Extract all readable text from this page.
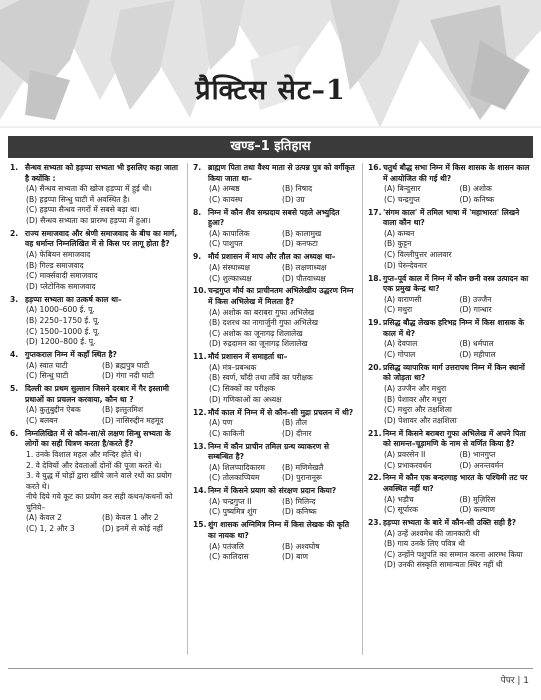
प्रैक्टिस सेट–1
खण्ड–1 इतिहास
1. सैन्धव सभ्यता को हड़प्पा सभ्यता भी इसलिए कहा जाता है क्योंकि :
(A) सैन्धव सभ्यता की खोज हड़प्पा में हुई थी।
(B) हड़प्पा सिन्धु घाटी में अवस्थित है।
(C) हड़प्पा सैन्धव नगरों में सबसे बड़ा था।
(D) सैन्धव सभ्यता का प्रारम्भ हड़प्पा में हुआ।
2. राज्य समाजवाद और श्रेणी समाजवाद के बीच का मार्ग, वह धर्मान्त निम्नलिखित में से किस पर लागू होता है?
(A) फेबियन समाजवाद
(B) गिल्ड समाजवाद
(C) मार्क्सवादी समाजवाद
(D) प्लेटोनिक समाजवाद
3. हड़प्पा सभ्यता का उत्कर्ष काल था–
(A) 1000–600 ई. पू.
(B) 2250–1750 ई. पू.
(C) 1500–1000 ई. पू.
(D) 1200–800 ई. पू.
4. गुप्तकराल निम्न में कहाँ स्थित है?
(A) स्वात घाटी	(B) ब्रह्मपुत्र घाटी
(C) सिन्धु घाटी	(D) गंगा नदी घाटी
5. दिल्ली का प्रथम सुल्तान जिसने दरबार में गैर इस्लामी प्रथाओं का प्रचलन करवाया, कौन था ?
(A) कुतुबुद्दीन ऐबक	(B) इल्तुतमिश
(C) बलबन	(D) नासिरुद्दीन महमूद
6. निम्नलिखित में से कौन-सा/से लक्षण सिन्धु सभ्यता के लोगों का सही चित्रण करता है/करते हैं?
1. उनके विशाल महल और मन्दिर होते थे।
2. वे देवियों और देवताओं दोनों की पूजा करते थे।
3. वे युद्ध में घोड़ों द्वारा खींचे जाने वाले रथों का प्रयोग करते थे।
नीचे दिये गये कूट का प्रयोग कर सही कथन/कथनों को चुनिये–
(A) केवल 2	(B) केवल 1 और 2
(C) 1, 2 और 3	(D) इनमें से कोई नहीं
7. ब्राह्मण पिता तथा वैश्य माता से उत्पन्न पुत्र को वर्गीकृत किया जाता था–
(A) अम्बष्ठ	(B) निषाद
(C) कायस्थ	(D) उग्र
8. निम्न में कौन शैव सम्प्रदाय सबसे पहले अभ्युदित हुआ?
(A) कापालिक	(B) कालामुख
(C) पाशुपत	(D) कनफटा
9. मौर्य प्रशासन में माप और तौल का अध्यक्ष था–
(A) संस्थाध्यक्ष	(B) लक्षणाध्यक्ष
(C) शुल्काध्यक्ष	(D) पौतवाध्यक्ष
10. चन्द्रगुप्त मौर्य का प्राचीनतम अभिलेखीय उद्धरण निम्न में किस अभिलेख में मिलता है?
(A) अशोक का बराबरा गुफा अभिलेख
(B) दशरथ का नागार्जुनी गुफा अभिलेख
(C) अशोक का जूनागढ़ शिलालेख
(D) रुद्रदामन का जूनागढ़ शिलालेख
11. मौर्य प्रशासन में समाहर्ता था–
(A) मंत्र–प्रबन्धक
(B) स्वर्ण, चाँदी तथा ताँबे का परीक्षक
(C) सिक्कों का परीक्षक
(D) गणिकाओं का अध्यक्ष
12. मौर्य काल में निम्न में से कौन–सी मुद्रा प्रचलन में थी?
(A) पण	(B) तौल
(C) काकिनी	(D) दीनार
13. निम्न में कौन प्राचीन तमिल ग्रन्थ व्याकरण से सम्बन्धित है?
(A) शिलप्पादिकारम	(B) मणिमेखलै
(C) तोलकाप्पियम	(D) पुरानानूरू
14. निम्न में किसने प्रयाग को संरक्षण प्रदान किया?
(A) चन्द्रगुप्त II	(B) मिलिन्द
(C) पुष्यमित्र शुंग	(D) कनिष्क
15. शुंग शासक अग्निमित्र निम्न में किस लेखक की कृति का नायक था?
(A) पतंजलि	(B) अश्वघोष
(C) कालिदास	(D) बाण
16. चतुर्थ बौद्ध सभा निम्न में किस शासक के शासन काल में आयोजित की गई थी?
(A) बिन्दुसार	(B) अशोक
(C) चन्द्रगुप्त	(D) कनिष्क
17. 'संगम काल' में तमिल भाषा में 'महाभारत' लिखने वाला कौन था?
(A) कम्बन
(B) कुट्टन
(C) विल्लीपुत्तर आलवार
(D) पेरुन्देवनार
18. गुप्त–पूर्व काल में निम्न में कौन छनी वस्त्र उत्पादन का एक प्रमुख केन्द्र था?
(A) वाराणसी	(B) उज्जैन
(C) मथुरा	(D) गान्धार
19. प्रसिद्ध बौद्ध लेखक हरिभद्र निम्न में किस शासक के काल में थे?
(A) देवपाल	(B) धर्मपाल
(C) गोपाल	(D) महीपाल
20. प्रसिद्ध व्यापारिक मार्ग उत्तरापथ निम्न में किन स्थानों को जोड़ता था?
(A) उज्जैन और मथुरा
(B) पेशावर और मथुरा
(C) मथुरा और तक्षशिला
(D) पेशावर और तक्षशिला
21. निम्न में किसने बराबरा गुफा अभिलेख में अपने पिता को सामन्त–चूड़ामणि के नाम से वर्णित किया है?
(A) प्रवरसेन II	(B) भानगुप्त
(C) प्रभाकरवर्धन	(D) अनन्तवर्मन
22. निम्न में कौन एक बन्दरगाह भारत के पश्चिमी तट पर अवस्थित नहीं था?
(A) भड़ौच	(B) मुज़िरिस
(C) सूर्पारक	(D) कल्याण
23. हड़प्पा सभ्यता के बारे में कौन-सी उक्ति सही है?
(A) उन्हें अश्वमेध की जानकारी थी
(B) गाय उनके लिए पवित्र थी
(C) उन्होंने पशुपति का सम्मान करना आरम्भ किया
(D) उनकी संस्कृति सामान्यतः स्थिर नहीं थी
पेपर | 1
